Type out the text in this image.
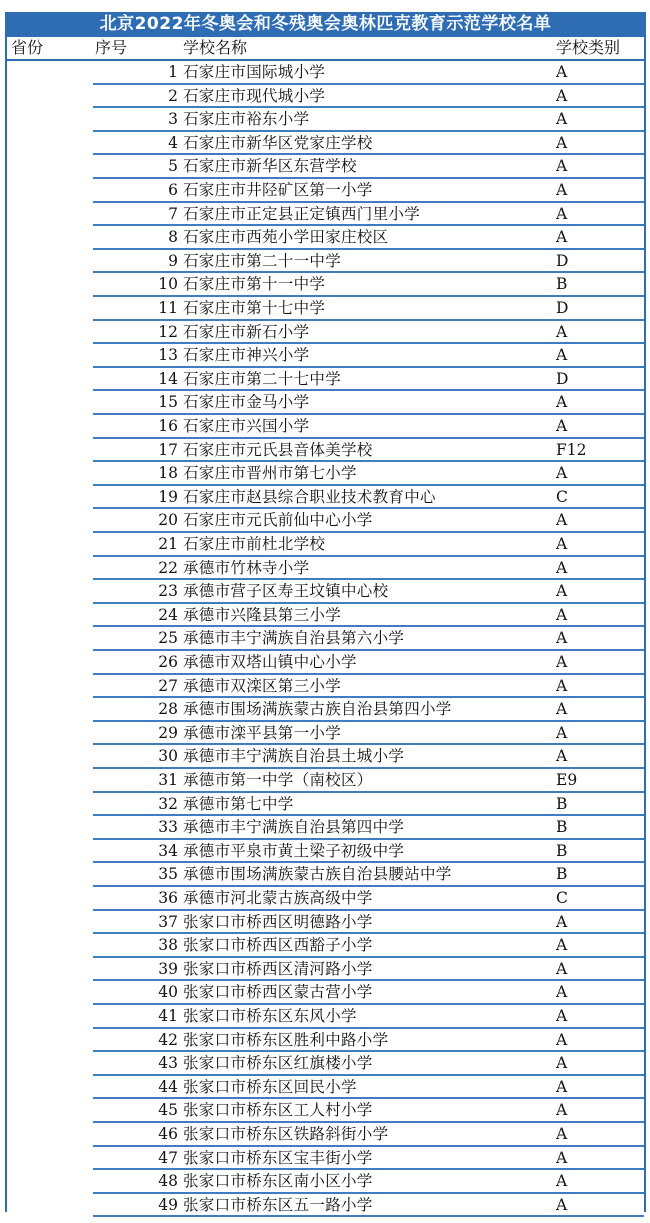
北京2022年冬奥会和冬残奥会奥林匹克教育示范学校名单
省份	序号	学校名称	学校类别
1 石家庄市国际城小学	A
2 石家庄市现代城小学	A
3 石家庄市裕东小学	A
4 石家庄市新华区党家庄学校	A
5 石家庄市新华区东营学校	A
6 石家庄市井陉矿区第一小学	A
7 石家庄市正定县正定镇西门里小学	A
8 石家庄市西苑小学田家庄校区	A
9 石家庄市第二十一中学	D
10 石家庄市第十一中学	B
11 石家庄市第十七中学	D
12 石家庄市新石小学	A
13 石家庄市神兴小学	A
14 石家庄市第二十七中学	D
15 石家庄市金马小学	A
16 石家庄市兴国小学	A
17 石家庄市元氏县音体美学校	F12
18 石家庄市晋州市第七小学	A
19 石家庄市赵县综合职业技术教育中心	C
20 石家庄市元氏前仙中心小学	A
21 石家庄市前杜北学校	A
22 承德市竹林寺小学	A
23 承德市营子区寿王坟镇中心校	A
24 承德市兴隆县第三小学	A
25 承德市丰宁满族自治县第六小学	A
26 承德市双塔山镇中心小学	A
27 承德市双滦区第三小学	A
28 承德市围场满族蒙古族自治县第四小学	A
29 承德市滦平县第一小学	A
30 承德市丰宁满族自治县土城小学	A
31 承德市第一中学（南校区）	E9
32 承德市第七中学	B
33 承德市丰宁满族自治县第四中学	B
34 承德市平泉市黄土梁子初级中学	B
35 承德市围场满族蒙古族自治县腰站中学	B
36 承德市河北蒙古族高级中学	C
37 张家口市桥西区明德路小学	A
38 张家口市桥西区西豁子小学	A
39 张家口市桥西区清河路小学	A
40 张家口市桥西区蒙古营小学	A
41 张家口市桥东区东风小学	A
42 张家口市桥东区胜利中路小学	A
43 张家口市桥东区红旗楼小学	A
44 张家口市桥东区回民小学	A
45 张家口市桥东区工人村小学	A
46 张家口市桥东区铁路斜街小学	A
47 张家口市桥东区宝丰街小学	A
48 张家口市桥东区南小区小学	A
49 张家口市桥东区五一路小学	A
